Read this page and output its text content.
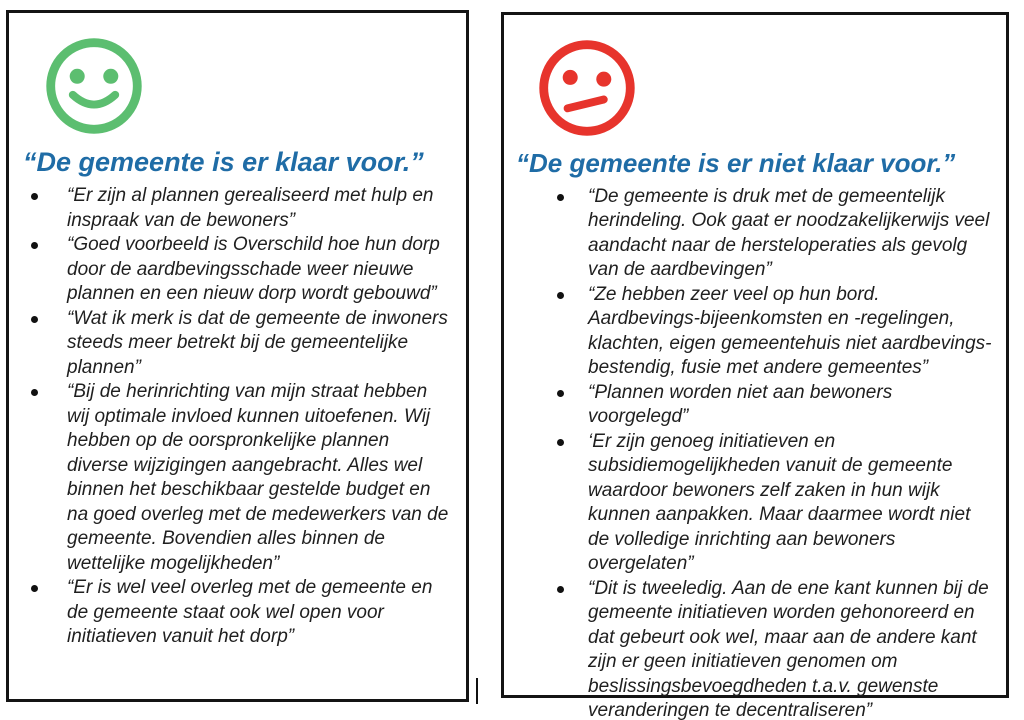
“De gemeente is er klaar voor.”
“Er zijn al plannen gerealiseerd met hulp en inspraak van de bewoners”
“Goed voorbeeld is Overschild hoe hun dorp door de aardbevingsschade weer nieuwe plannen en een nieuw dorp wordt gebouwd”
“Wat ik merk is dat de gemeente de inwoners steeds meer betrekt bij de gemeentelijke plannen”
“Bij de herinrichting van mijn straat hebben wij optimale invloed kunnen uitoefenen. Wij hebben op de oorspronkelijke plannen diverse wijzigingen aangebracht. Alles wel binnen het beschikbaar gestelde budget en na goed overleg met de medewerkers van de gemeente. Bovendien alles binnen de wettelijke mogelijkheden”
“Er is wel veel overleg met de gemeente en de gemeente staat ook wel open voor initiatieven vanuit het dorp”
“De gemeente is er niet klaar voor.”
“De gemeente is druk met de gemeentelijk herindeling. Ook gaat er noodzakelijkerwijs veel aandacht naar de hersteloperaties als gevolg van de aardbevingen”
“Ze hebben zeer veel op hun bord. Aardbevings-bijeenkomsten en -regelingen, klachten, eigen gemeentehuis niet aardbevings-bestendig, fusie met andere gemeentes”
“Plannen worden niet aan bewoners voorgelegd”
‘Er zijn genoeg initiatieven en subsidiemogelijkheden vanuit de gemeente waardoor bewoners zelf zaken in hun wijk kunnen aanpakken. Maar daarmee wordt niet de volledige inrichting aan bewoners overgelaten”
“Dit is tweeledig. Aan de ene kant kunnen bij de gemeente initiatieven worden gehonoreerd en dat gebeurt ook wel, maar aan de andere kant zijn er geen initiatieven genomen om beslissingsbevoegdheden t.a.v. gewenste veranderingen te decentraliseren”
